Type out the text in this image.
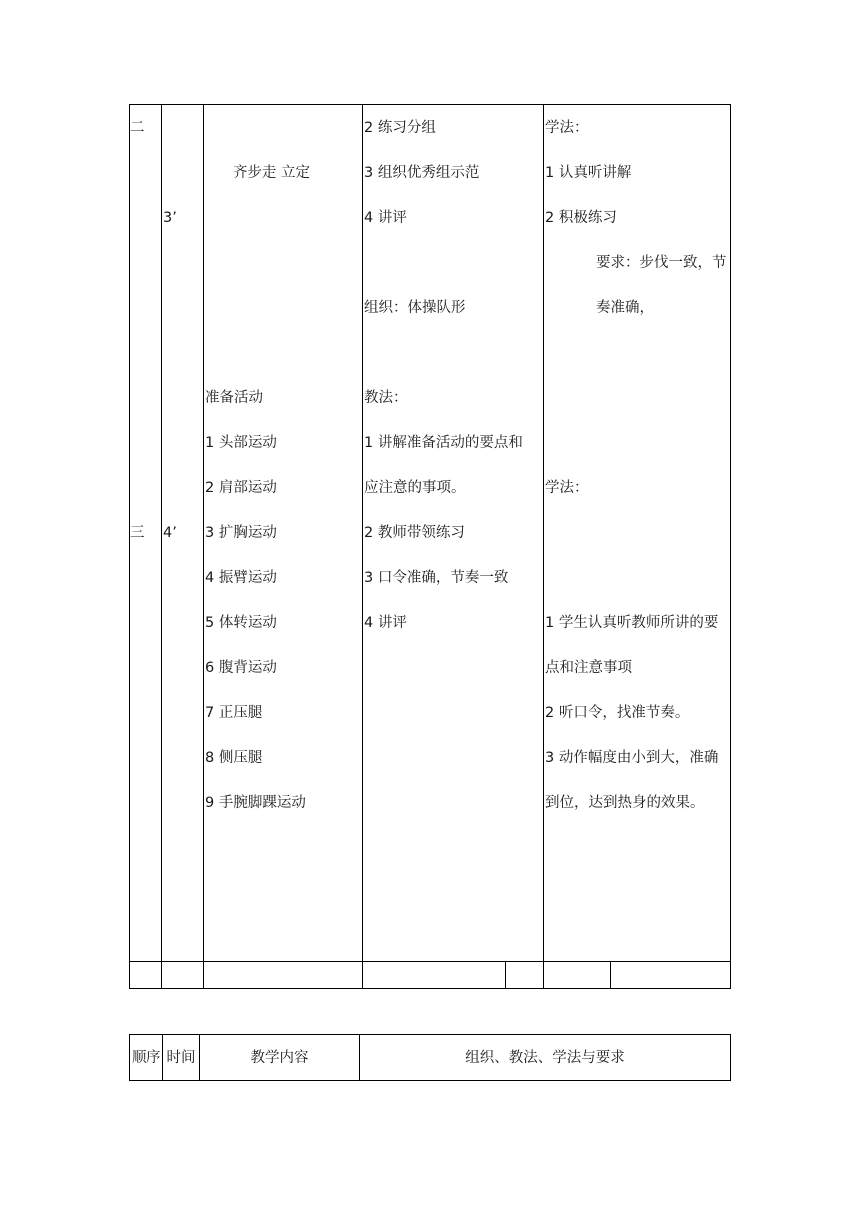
二
3’
齐步走 立定
2 练习分组
3 组织优秀组示范
4 讲评
组织：体操队形
学法：
1 认真听讲解
2 积极练习
要求：步伐一致，节
奏准确，
三 4’
准备活动
1 头部运动
2 肩部运动
3 扩胸运动
4 振臂运动
5 体转运动
6 腹背运动
7 正压腿
8 侧压腿
9 手腕脚踝运动
教法：
1 讲解准备活动的要点和
应注意的事项。
2 教师带领练习
3 口令准确，节奏一致
4 讲评
学法：
1 学生认真听教师所讲的要
点和注意事项
2 听口令，找准节奏。
3 动作幅度由小到大，准确
到位，达到热身的效果。
顺序 时间	教学内容	组织、教法、学法与要求
